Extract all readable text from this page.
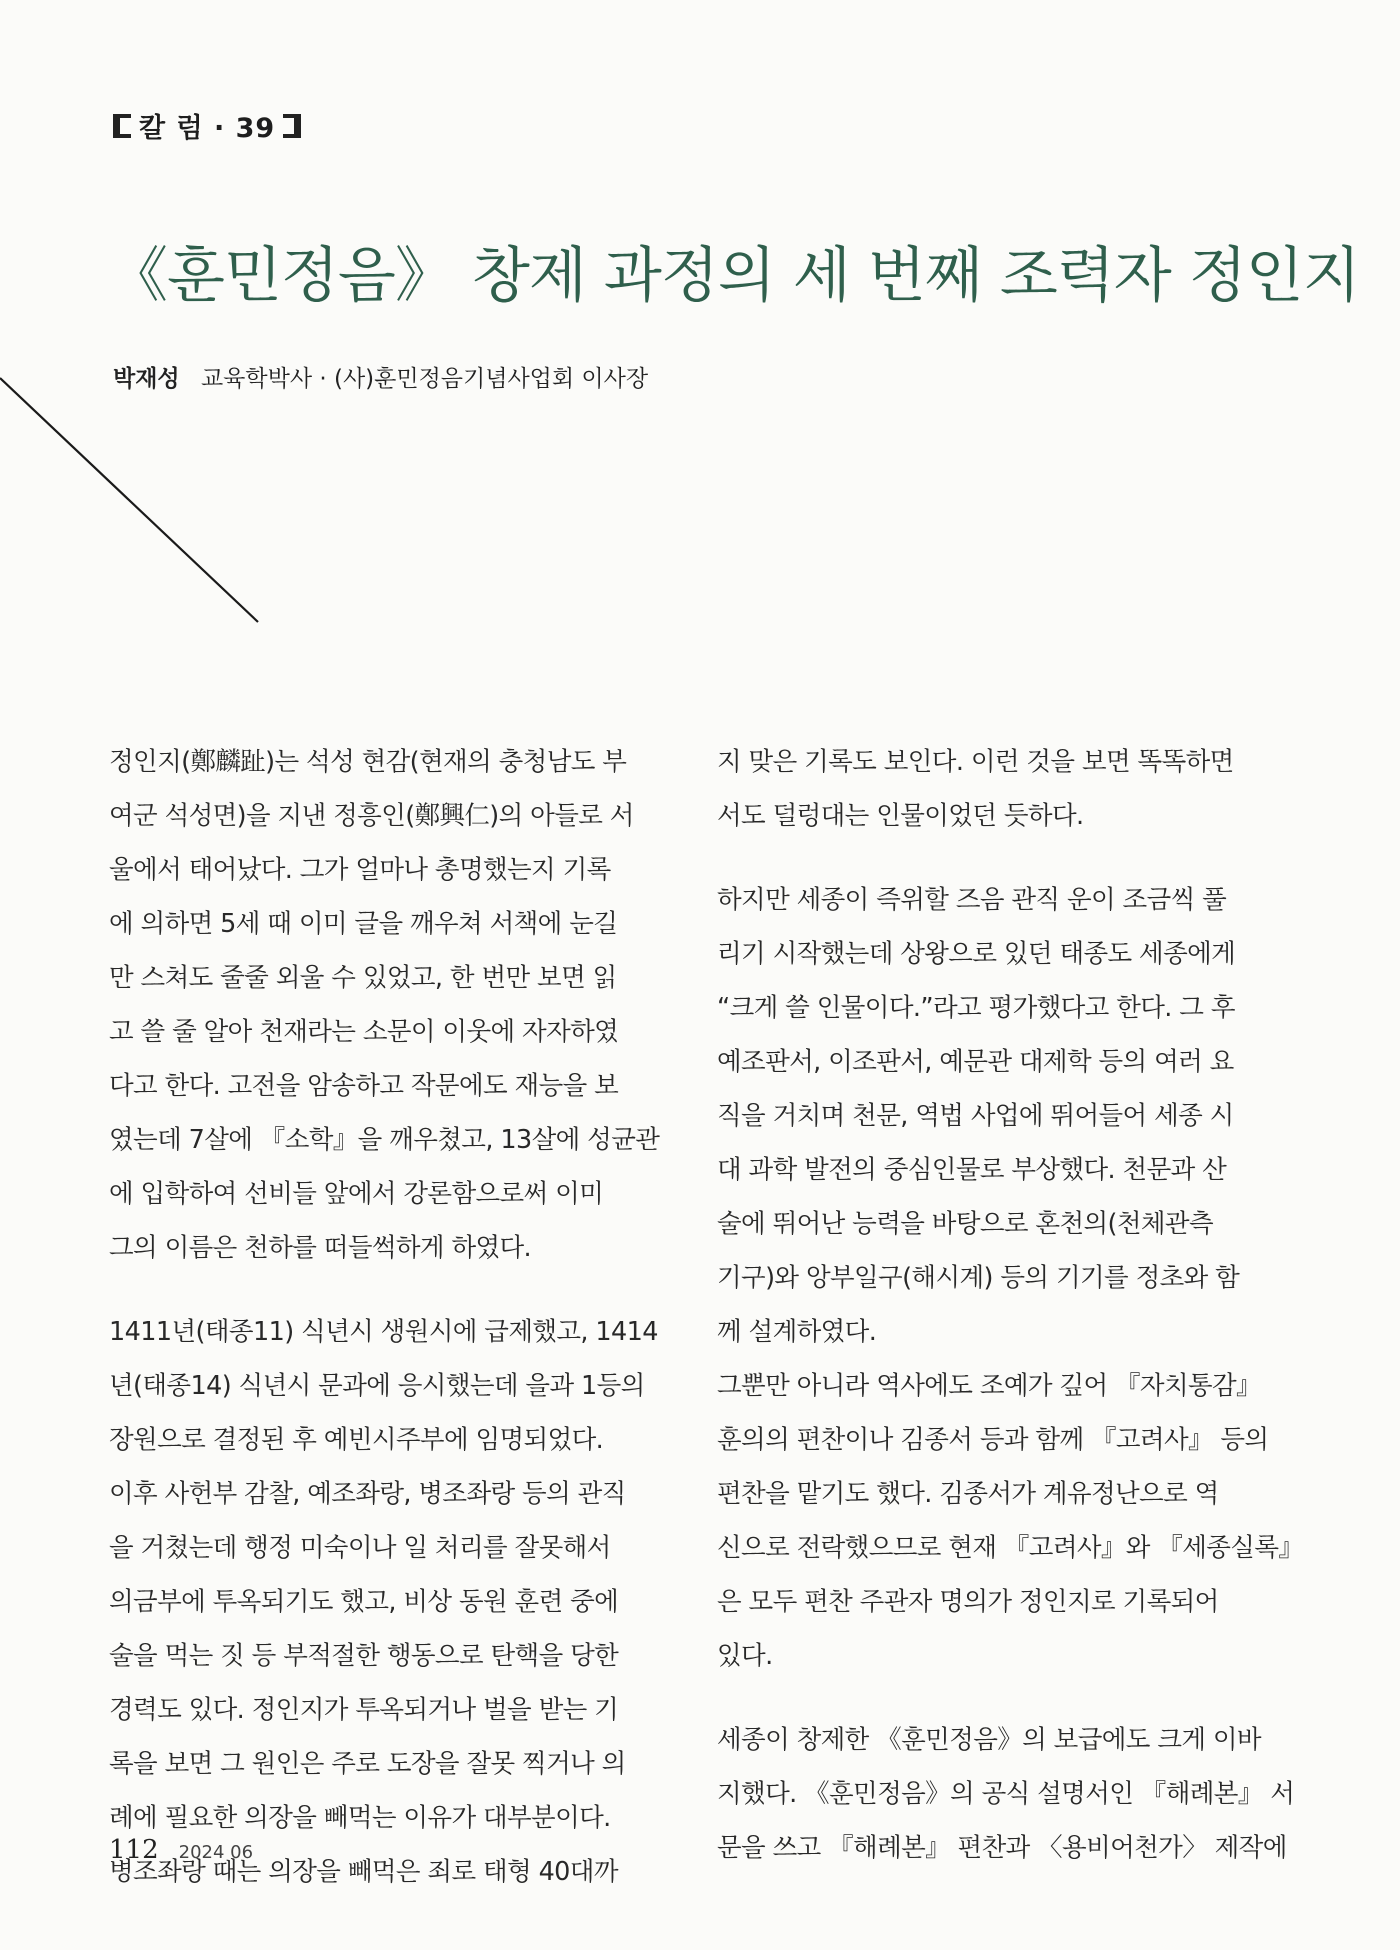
칼 럼 · 39
《훈민정음》 창제 과정의 세 번째 조력자 정인지
박재성 교육학박사 · (사)훈민정음기념사업회 이사장

정인지(鄭麟趾)는 석성 현감(현재의 충청남도 부

여군 석성면)을 지낸 정흥인(鄭興仁)의 아들로 서

울에서 태어났다. 그가 얼마나 총명했는지 기록

에 의하면 5세 때 이미 글을 깨우쳐 서책에 눈길

만 스쳐도 줄줄 외울 수 있었고, 한 번만 보면 읽

고 쓸 줄 알아 천재라는 소문이 이웃에 자자하였

다고 한다. 고전을 암송하고 작문에도 재능을 보

였는데 7살에 『소학』을 깨우쳤고, 13살에 성균관

에 입학하여 선비들 앞에서 강론함으로써 이미

그의 이름은 천하를 떠들썩하게 하였다.

1411년(태종11) 식년시 생원시에 급제했고, 1414

년(태종14) 식년시 문과에 응시했는데 을과 1등의

장원으로 결정된 후 예빈시주부에 임명되었다.

이후 사헌부 감찰, 예조좌랑, 병조좌랑 등의 관직

을 거쳤는데 행정 미숙이나 일 처리를 잘못해서

의금부에 투옥되기도 했고, 비상 동원 훈련 중에

술을 먹는 짓 등 부적절한 행동으로 탄핵을 당한

경력도 있다. 정인지가 투옥되거나 벌을 받는 기

록을 보면 그 원인은 주로 도장을 잘못 찍거나 의

례에 필요한 의장을 빼먹는 이유가 대부분이다.

병조좌랑 때는 의장을 빼먹은 죄로 태형 40대까

지 맞은 기록도 보인다. 이런 것을 보면 똑똑하면

서도 덜렁대는 인물이었던 듯하다.

하지만 세종이 즉위할 즈음 관직 운이 조금씩 풀

리기 시작했는데 상왕으로 있던 태종도 세종에게

“크게 쓸 인물이다.”라고 평가했다고 한다. 그 후

예조판서, 이조판서, 예문관 대제학 등의 여러 요

직을 거치며 천문, 역법 사업에 뛰어들어 세종 시

대 과학 발전의 중심인물로 부상했다. 천문과 산

술에 뛰어난 능력을 바탕으로 혼천의(천체관측

기구)와 앙부일구(해시계) 등의 기기를 정초와 함

께 설계하였다.

그뿐만 아니라 역사에도 조예가 깊어 『자치통감』

훈의의 편찬이나 김종서 등과 함께 『고려사』 등의

편찬을 맡기도 했다. 김종서가 계유정난으로 역

신으로 전락했으므로 현재 『고려사』와 『세종실록』

은 모두 편찬 주관자 명의가 정인지로 기록되어

있다.

세종이 창제한 《훈민정음》의 보급에도 크게 이바

지했다. 《훈민정음》의 공식 설명서인 『해례본』 서

문을 쓰고 『해례본』 편찬과 〈용비어천가〉 제작에

112 2024 06
